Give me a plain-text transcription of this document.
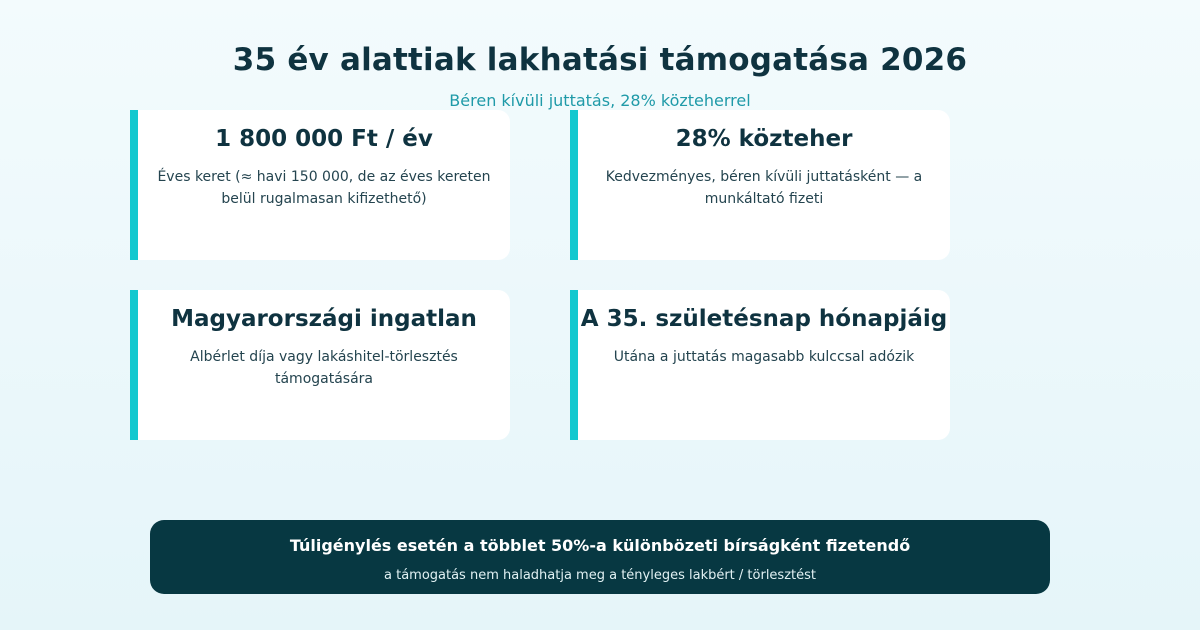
35 év alattiak lakhatási támogatása 2026
Béren kívüli juttatás, 28% közteherrel
1 800 000 Ft / év
Éves keret (≈ havi 150 000, de az éves kereten belül rugalmasan kifizethető)
28% közteher
Kedvezményes, béren kívüli juttatásként — a munkáltató fizeti
Magyarországi ingatlan
Albérlet díja vagy lakáshitel-törlesztés támogatására
A 35. születésnap hónapjáig
Utána a juttatás magasabb kulccsal adózik
Túligénylés esetén a többlet 50%-a különbözeti bírságként fizetendő
a támogatás nem haladhatja meg a tényleges lakbért / törlesztést
